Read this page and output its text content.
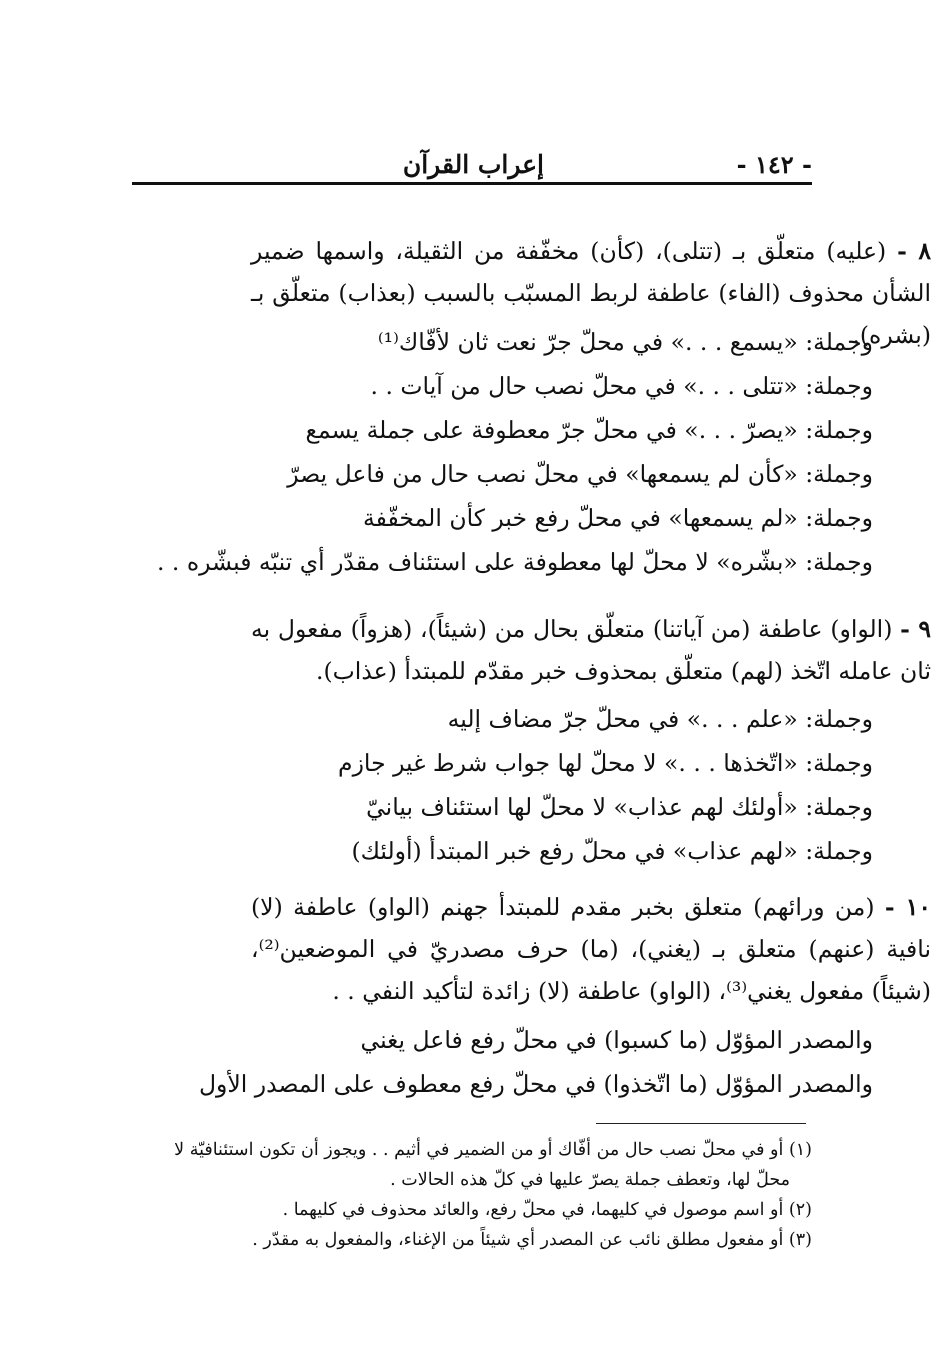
- ١٤٢ -
إعراب القرآن
٨ - (عليه) متعلّق بـ (تتلى)، (كأن) مخفّفة من الثقيلة، واسمها ضمير الشأن محذوف (الفاء) عاطفة لربط المسبّب بالسبب (بعذاب) متعلّق بـ (بشره).
وجملة: «يسمع . . .» في محلّ جرّ نعت ثان لأفّاك⁽¹⁾
وجملة: «تتلى . . .» في محلّ نصب حال من آيات . .
وجملة: «يصرّ . . .» في محلّ جرّ معطوفة على جملة يسمع
وجملة: «كأن لم يسمعها» في محلّ نصب حال من فاعل يصرّ
وجملة: «لم يسمعها» في محلّ رفع خبر كأن المخفّفة
وجملة: «بشّره» لا محلّ لها معطوفة على استئناف مقدّر أي تنبّه فبشّره . .
٩ - (الواو) عاطفة (من آياتنا) متعلّق بحال من (شيئاً)، (هزواً) مفعول به ثان عامله اتّخذ (لهم) متعلّق بمحذوف خبر مقدّم للمبتدأ (عذاب).
وجملة: «علم . . .» في محلّ جرّ مضاف إليه
وجملة: «اتّخذها . . .» لا محلّ لها جواب شرط غير جازم
وجملة: «أولئك لهم عذاب» لا محلّ لها استئناف بيانيّ
وجملة: «لهم عذاب» في محلّ رفع خبر المبتدأ (أولئك)
١٠ - (من ورائهم) متعلق بخبر مقدم للمبتدأ جهنم (الواو) عاطفة (لا) نافية (عنهم) متعلق بـ (يغني)، (ما) حرف مصدريّ في الموضعين⁽²⁾، (شيئاً) مفعول يغني⁽³⁾، (الواو) عاطفة (لا) زائدة لتأكيد النفي . .
والمصدر المؤوّل (ما كسبوا) في محلّ رفع فاعل يغني
والمصدر المؤوّل (ما اتّخذوا) في محلّ رفع معطوف على المصدر الأول
(١) أو في محلّ نصب حال من أفّاك أو من الضمير في أثيم . . ويجوز أن تكون استئنافيّة لا
محلّ لها، وتعطف جملة يصرّ عليها في كلّ هذه الحالات .
(٢) أو اسم موصول في كليهما، في محلّ رفع، والعائد محذوف في كليهما .
(٣) أو مفعول مطلق نائب عن المصدر أي شيئاً من الإغناء، والمفعول به مقدّر .
